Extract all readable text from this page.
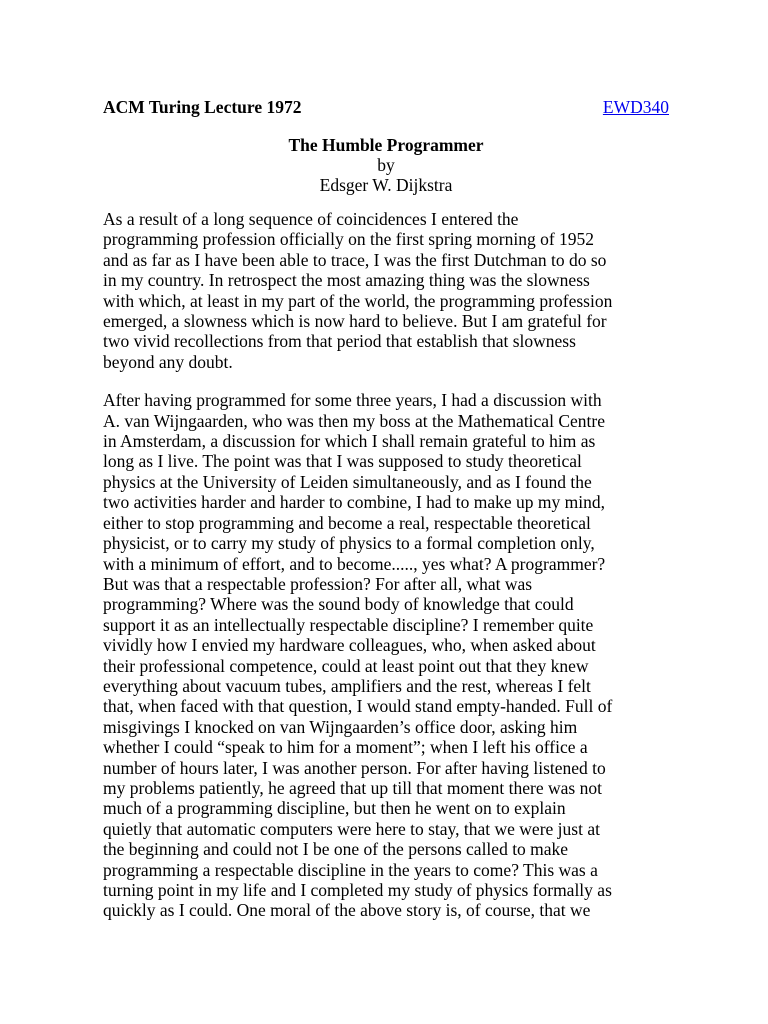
ACM Turing Lecture 1972	EWD340
The Humble Programmer
by
Edsger W. Dijkstra

As a result of a long sequence of coincidences I entered the
programming profession officially on the first spring morning of 1952
and as far as I have been able to trace, I was the first Dutchman to do so
in my country. In retrospect the most amazing thing was the slowness
with which, at least in my part of the world, the programming profession
emerged, a slowness which is now hard to believe. But I am grateful for
two vivid recollections from that period that establish that slowness
beyond any doubt.

After having programmed for some three years, I had a discussion with
A. van Wijngaarden, who was then my boss at the Mathematical Centre
in Amsterdam, a discussion for which I shall remain grateful to him as
long as I live. The point was that I was supposed to study theoretical
physics at the University of Leiden simultaneously, and as I found the
two activities harder and harder to combine, I had to make up my mind,
either to stop programming and become a real, respectable theoretical
physicist, or to carry my study of physics to a formal completion only,
with a minimum of effort, and to become....., yes what? A programmer?
But was that a respectable profession? For after all, what was
programming? Where was the sound body of knowledge that could
support it as an intellectually respectable discipline? I remember quite
vividly how I envied my hardware colleagues, who, when asked about
their professional competence, could at least point out that they knew
everything about vacuum tubes, amplifiers and the rest, whereas I felt
that, when faced with that question, I would stand empty-handed. Full of
misgivings I knocked on van Wijngaarden’s office door, asking him
whether I could “speak to him for a moment”; when I left his office a
number of hours later, I was another person. For after having listened to
my problems patiently, he agreed that up till that moment there was not
much of a programming discipline, but then he went on to explain
quietly that automatic computers were here to stay, that we were just at
the beginning and could not I be one of the persons called to make
programming a respectable discipline in the years to come? This was a
turning point in my life and I completed my study of physics formally as
quickly as I could. One moral of the above story is, of course, that we
